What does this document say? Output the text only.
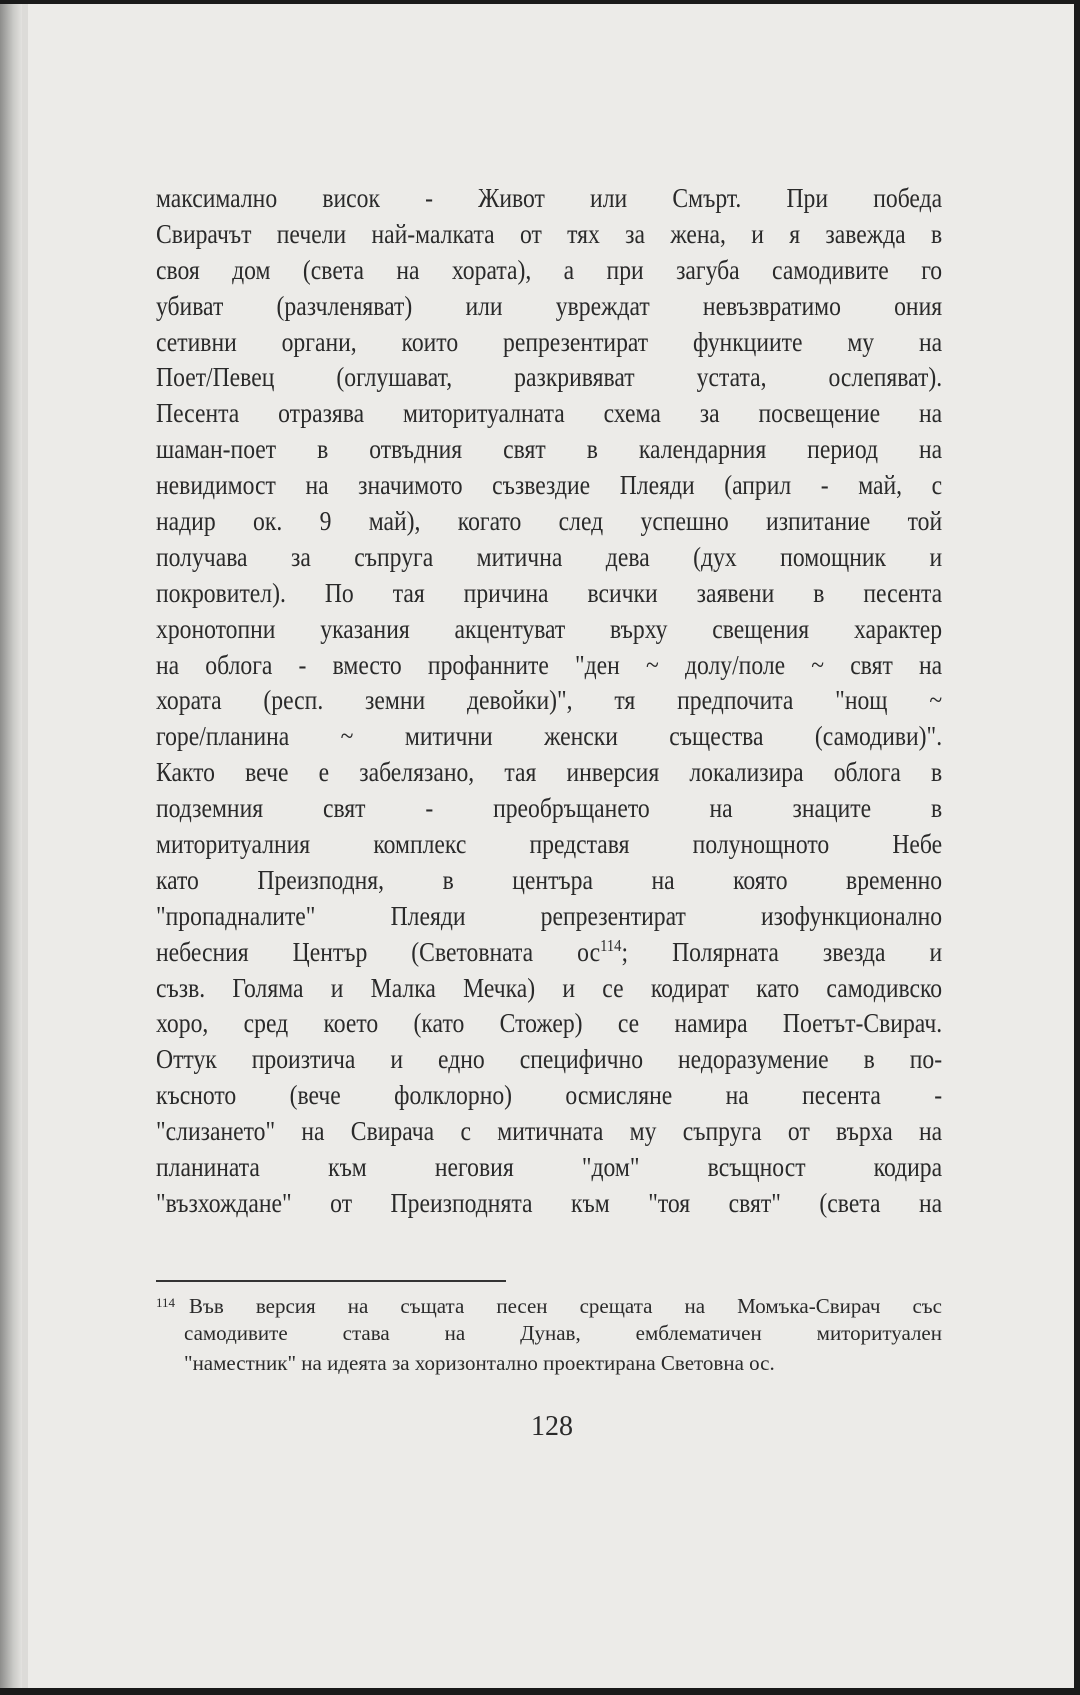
максимално висок - Живот или Смърт. При победа
Свирачът печели най-малката от тях за жена, и я завежда в
своя дом (света на хората), а при загуба самодивите го
убиват (разчленяват) или увреждат невъзвратимо ония
сетивни органи, които репрезентират функциите му на
Поет/Певец (оглушават, разкривяват устата, ослепяват).
Песента отразява миторитуалната схема за посвещение на
шаман-поет в отвъдния свят в календарния период на
невидимост на значимото съзвездие Плеяди (април - май, с
надир ок. 9 май), когато след успешно изпитание той
получава за съпруга митична дева (дух помощник и
покровител). По тая причина всички заявени в песента
хронотопни указания акцентуват върху свещения характер
на облога - вместо профанните "ден ~ долу/поле ~ свят на
хората (респ. земни девойки)", тя предпочита "нощ ~
горе/планина ~ митични женски същества (самодиви)".
Както вече е забелязано, тая инверсия локализира облога в
подземния свят - преобръщането на знаците в
миторитуалния комплекс представя полунощното Небе
като Преизподня, в центъра на която временно
"пропадналите" Плеяди репрезентират изофункционално
небесния Център (Световната $ос^{114}$; Полярната звезда и
съзв. Голяма и Малка Мечка) и се кодират като самодивско
хоро, сред което (като Стожер) се намира Поетът-Свирач.
Оттук произтича и едно специфично недоразумение в по-
късното (вече фолклорно) осмисляне на песента -
"слизането" на Свирача с митичната му съпруга от върха на
планината към неговия "дом" всъщност кодира
"възхождане" от Преизподнята към "тоя свят" (света на
$^{114}$ Във версия на същата песен срещата на Момъка-Свирач със
самодивите става на Дунав, емблематичен миторитуален
"наместник" на идеята за хоризонтално проектирана Световна ос.
128
